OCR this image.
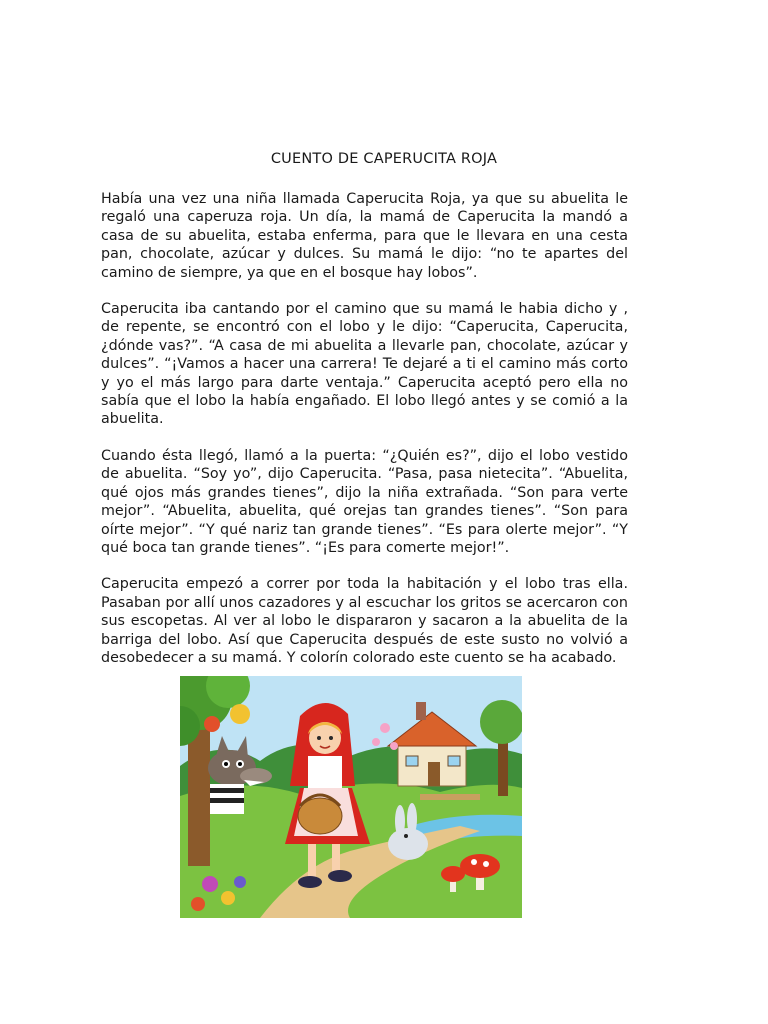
CUENTO DE CAPERUCITA ROJA

Había una vez una niña llamada Caperucita Roja, ya que su abuelita le regaló una caperuza roja. Un día, la mamá de Caperucita la mandó a casa de su abuelita, estaba enferma, para que le llevara en una cesta pan, chocolate, azúcar y dulces. Su mamá le dijo: “no te apartes del camino de siempre, ya que en el bosque hay lobos”.

Caperucita iba cantando por el camino que su mamá le habia dicho y , de repente, se encontró con el lobo y le dijo: “Caperucita, Caperucita, ¿dónde vas?”. “A casa de mi abuelita a llevarle pan, chocolate, azúcar y dulces”. “¡Vamos a hacer una carrera! Te dejaré a ti el camino más corto y yo el más largo para darte ventaja.” Caperucita aceptó pero ella no sabía que el lobo la había engañado. El lobo llegó antes y se comió a la abuelita.

Cuando ésta llegó, llamó a la puerta: “¿Quién es?”, dijo el lobo vestido de abuelita. “Soy yo”, dijo Caperucita. “Pasa, pasa nietecita”. “Abuelita, qué ojos más grandes tienes”, dijo la niña extrañada. “Son para verte mejor”. “Abuelita, abuelita, qué orejas tan grandes tienes”. “Son para oírte mejor”. “Y qué nariz tan grande tienes”. “Es para olerte mejor”. “Y qué boca tan grande tienes”. “¡Es para comerte mejor!”.

Caperucita empezó a correr por toda la habitación y el lobo tras ella. Pasaban por allí unos cazadores y al escuchar los gritos se acercaron con sus escopetas. Al ver al lobo le dispararon y sacaron a la abuelita de la barriga del lobo. Así que Caperucita después de este susto no volvió a desobedecer a su mamá. Y colorín colorado este cuento se ha acabado.
